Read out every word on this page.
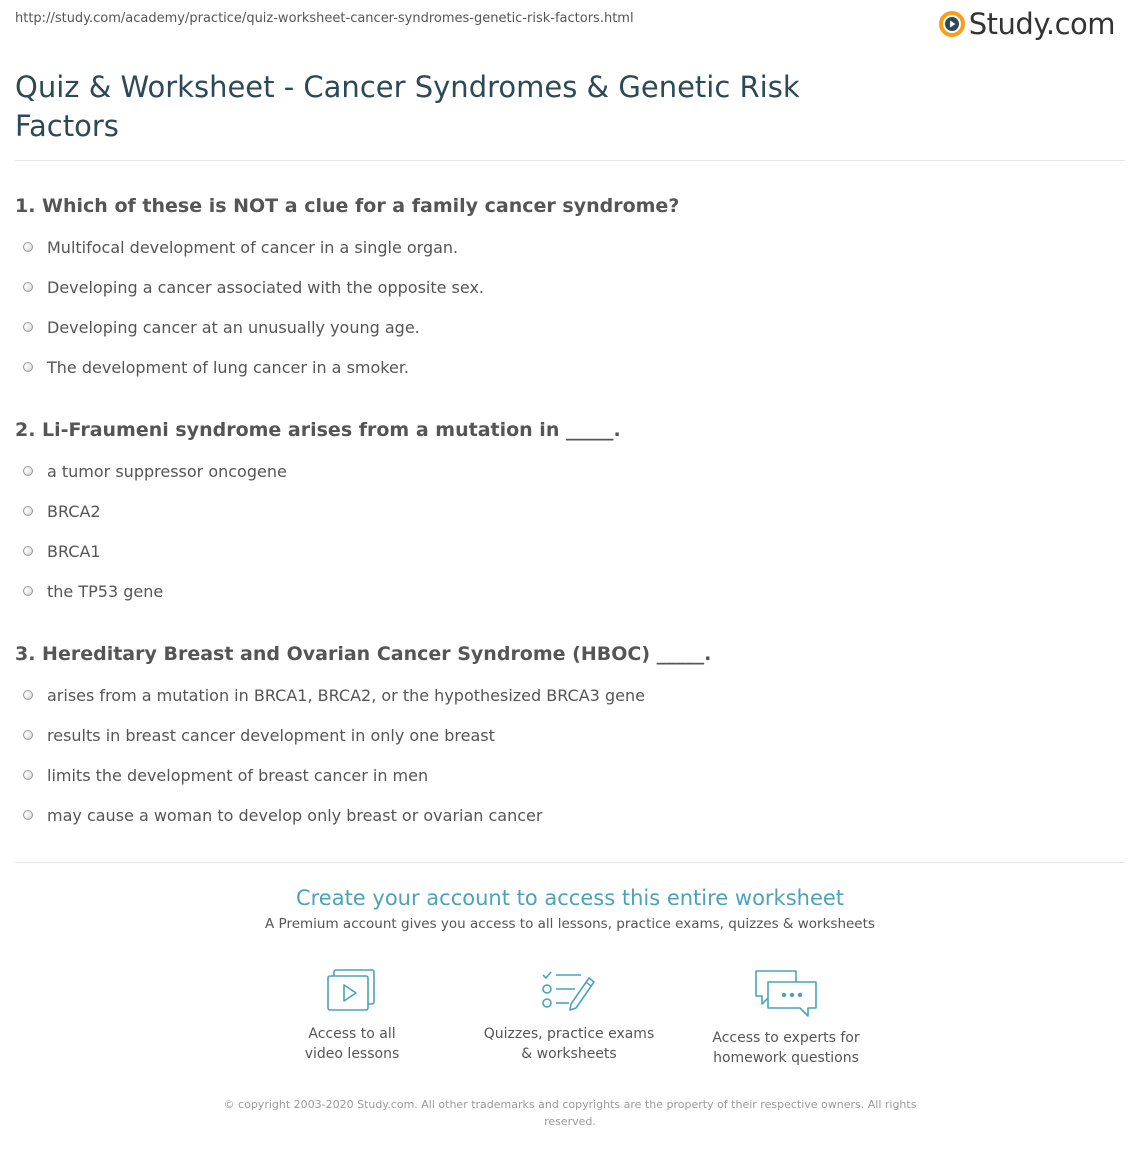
http://study.com/academy/practice/quiz-worksheet-cancer-syndromes-genetic-risk-factors.html	Study.com
Quiz & Worksheet - Cancer Syndromes & Genetic Risk Factors

1. Which of these is NOT a clue for a family cancer syndrome?

Multifocal development of cancer in a single organ.
Developing a cancer associated with the opposite sex.
Developing cancer at an unusually young age.
The development of lung cancer in a smoker.

2. Li-Fraumeni syndrome arises from a mutation in _____.

a tumor suppressor oncogene
BRCA2
BRCA1
the TP53 gene

3. Hereditary Breast and Ovarian Cancer Syndrome (HBOC) _____.

arises from a mutation in BRCA1, BRCA2, or the hypothesized BRCA3 gene
results in breast cancer development in only one breast
limits the development of breast cancer in men
may cause a woman to develop only breast or ovarian cancer
Create your account to access this entire worksheet
A Premium account gives you access to all lessons, practice exams, quizzes & worksheets
Access to all
video lessons
Quizzes, practice exams
& worksheets
Access to experts for
homework questions
© copyright 2003-2020 Study.com. All other trademarks and copyrights are the property of their respective owners. All rights reserved.
